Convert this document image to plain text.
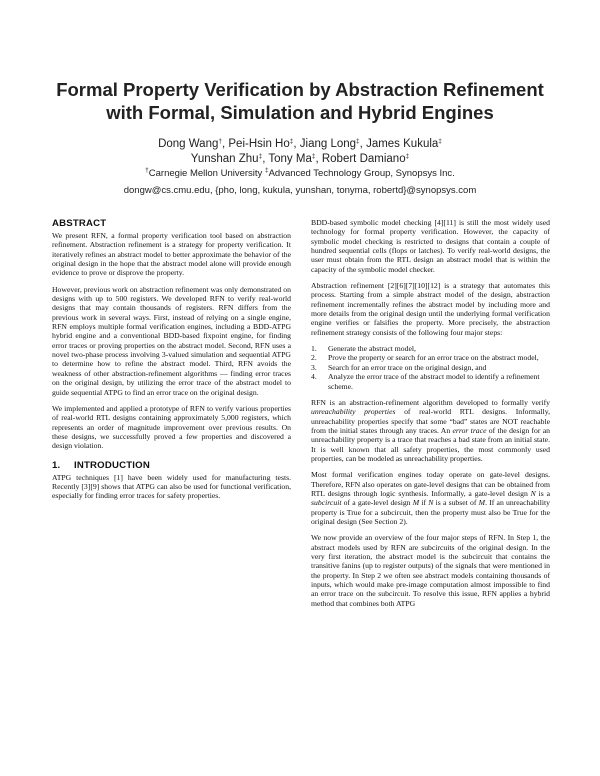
Formal Property Verification by Abstraction Refinement
with Formal, Simulation and Hybrid Engines
Dong Wang†, Pei-Hsin Ho‡, Jiang Long‡, James Kukula‡
Yunshan Zhu‡, Tony Ma‡, Robert Damiano‡
†Carnegie Mellon University ‡Advanced Technology Group, Synopsys Inc.
dongw@cs.cmu.edu, {pho, long, kukula, yunshan, tonyma, robertd}@synopsys.com
ABSTRACT

We present RFN, a formal property verification tool based on abstraction refinement. Abstraction refinement is a strategy for property verification. It iteratively refines an abstract model to better approximate the behavior of the original design in the hope that the abstract model alone will provide enough evidence to prove or disprove the property.

However, previous work on abstraction refinement was only demonstrated on designs with up to 500 registers. We developed RFN to verify real-world designs that may contain thousands of registers. RFN differs from the previous work in several ways. First, instead of relying on a single engine, RFN employs multiple formal verification engines, including a BDD-ATPG hybrid engine and a conventional BDD-based fixpoint engine, for finding error traces or proving properties on the abstract model. Second, RFN uses a novel two-phase process involving 3-valued simulation and sequential ATPG to determine how to refine the abstract model. Third, RFN avoids the weakness of other abstraction-refinement algorithms — finding error traces on the original design, by utilizing the error trace of the abstract model to guide sequential ATPG to find an error trace on the original design.

We implemented and applied a prototype of RFN to verify various properties of real-world RTL designs containing approximately 5,000 registers, which represents an order of magnitude improvement over previous results. On these designs, we successfully proved a few properties and discovered a design violation.

1. INTRODUCTION

ATPG techniques [1] have been widely used for manufacturing tests. Recently [3][9] shows that ATPG can also be used for functional verification, especially for finding error traces for safety properties.

BDD-based symbolic model checking [4][11] is still the most widely used technology for formal property verification. However, the capacity of symbolic model checking is restricted to designs that contain a couple of hundred sequential cells (flops or latches). To verify real-world designs, the user must obtain from the RTL design an abstract model that is within the capacity of the symbolic model checker.

Abstraction refinement [2][6][7][10][12] is a strategy that automates this process. Starting from a simple abstract model of the design, abstraction refinement incrementally refines the abstract model by including more and more details from the original design until the underlying formal verification engine verifies or falsifies the property. More precisely, the abstraction refinement strategy consists of the following four major steps:

1. Generate the abstract model,
2. Prove the property or search for an error trace on the abstract model,
3. Search for an error trace on the original design, and
4. Analyze the error trace of the abstract model to identify a refinement scheme.

RFN is an abstraction-refinement algorithm developed to formally verify unreachability properties of real-world RTL designs. Informally, unreachability properties specify that some “bad” states are NOT reachable from the initial states through any traces. An error trace of the design for an unreachability property is a trace that reaches a bad state from an initial state. It is well known that all safety properties, the most commonly used properties, can be modeled as unreachability properties.

Most formal verification engines today operate on gate-level designs. Therefore, RFN also operates on gate-level designs that can be obtained from RTL designs through logic synthesis. Informally, a gate-level design N is a subcircuit of a gate-level design M if N is a subset of M. If an unreachability property is True for a subcircuit, then the property must also be True for the original design (See Section 2).

We now provide an overview of the four major steps of RFN. In Step 1, the abstract models used by RFN are subcircuits of the original design. In the very first iteration, the abstract model is the subcircuit that contains the transitive fanins (up to register outputs) of the signals that were mentioned in the property. In Step 2 we often see abstract models containing thousands of inputs, which would make pre-image computation almost impossible to find an error trace on the subcircuit. To resolve this issue, RFN applies a hybrid method that combines both ATPG
